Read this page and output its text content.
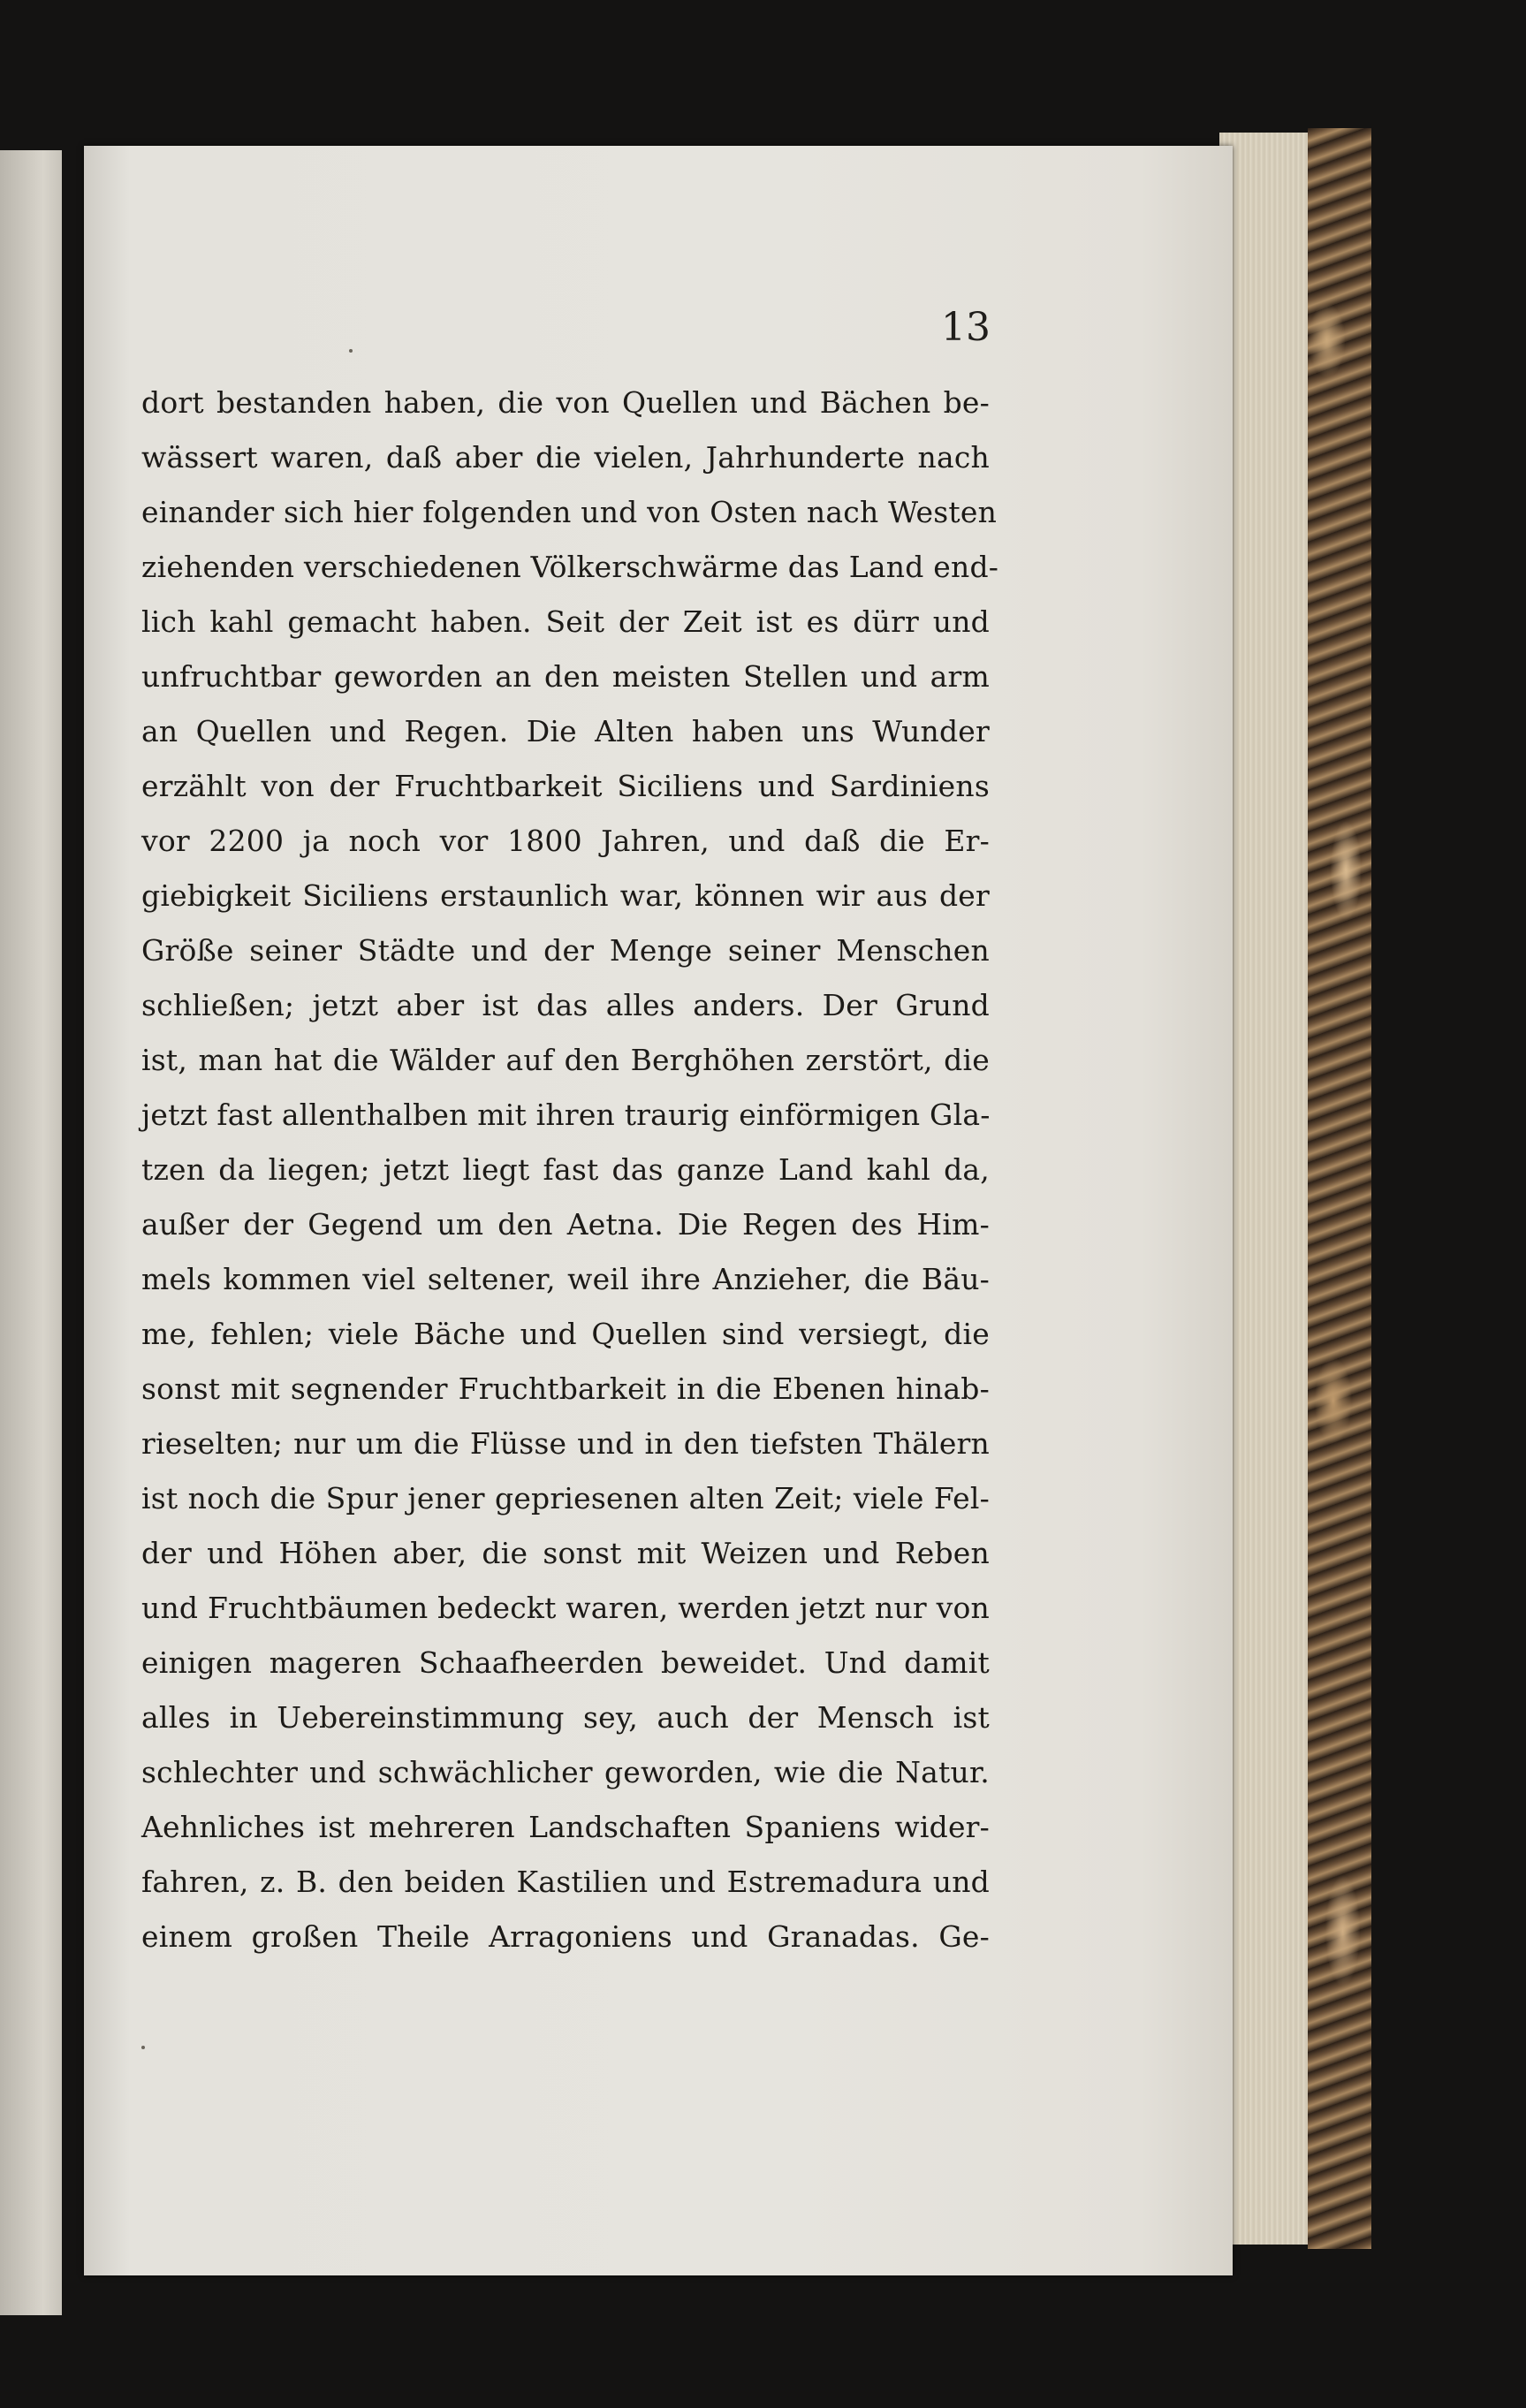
13
dort bestanden haben, die von Quellen und Bächen be-
wässert waren, daß aber die vielen, Jahrhunderte nach
einander sich hier folgenden und von Osten nach Westen
ziehenden verschiedenen Völkerschwärme das Land end-
lich kahl gemacht haben. Seit der Zeit ist es dürr und
unfruchtbar geworden an den meisten Stellen und arm
an Quellen und Regen. Die Alten haben uns Wunder
erzählt von der Fruchtbarkeit Siciliens und Sardiniens
vor 2200 ja noch vor 1800 Jahren, und daß die Er-
giebigkeit Siciliens erstaunlich war, können wir aus der
Größe seiner Städte und der Menge seiner Menschen
schließen; jetzt aber ist das alles anders. Der Grund
ist, man hat die Wälder auf den Berghöhen zerstört, die
jetzt fast allenthalben mit ihren traurig einförmigen Gla-
tzen da liegen; jetzt liegt fast das ganze Land kahl da,
außer der Gegend um den Aetna. Die Regen des Him-
mels kommen viel seltener, weil ihre Anzieher, die Bäu-
me, fehlen; viele Bäche und Quellen sind versiegt, die
sonst mit segnender Fruchtbarkeit in die Ebenen hinab-
rieselten; nur um die Flüsse und in den tiefsten Thälern
ist noch die Spur jener gepriesenen alten Zeit; viele Fel-
der und Höhen aber, die sonst mit Weizen und Reben
und Fruchtbäumen bedeckt waren, werden jetzt nur von
einigen mageren Schaafheerden beweidet. Und damit
alles in Uebereinstimmung sey, auch der Mensch ist
schlechter und schwächlicher geworden, wie die Natur.
Aehnliches ist mehreren Landschaften Spaniens wider-
fahren, z. B. den beiden Kastilien und Estremadura und
einem großen Theile Arragoniens und Granadas. Ge-
